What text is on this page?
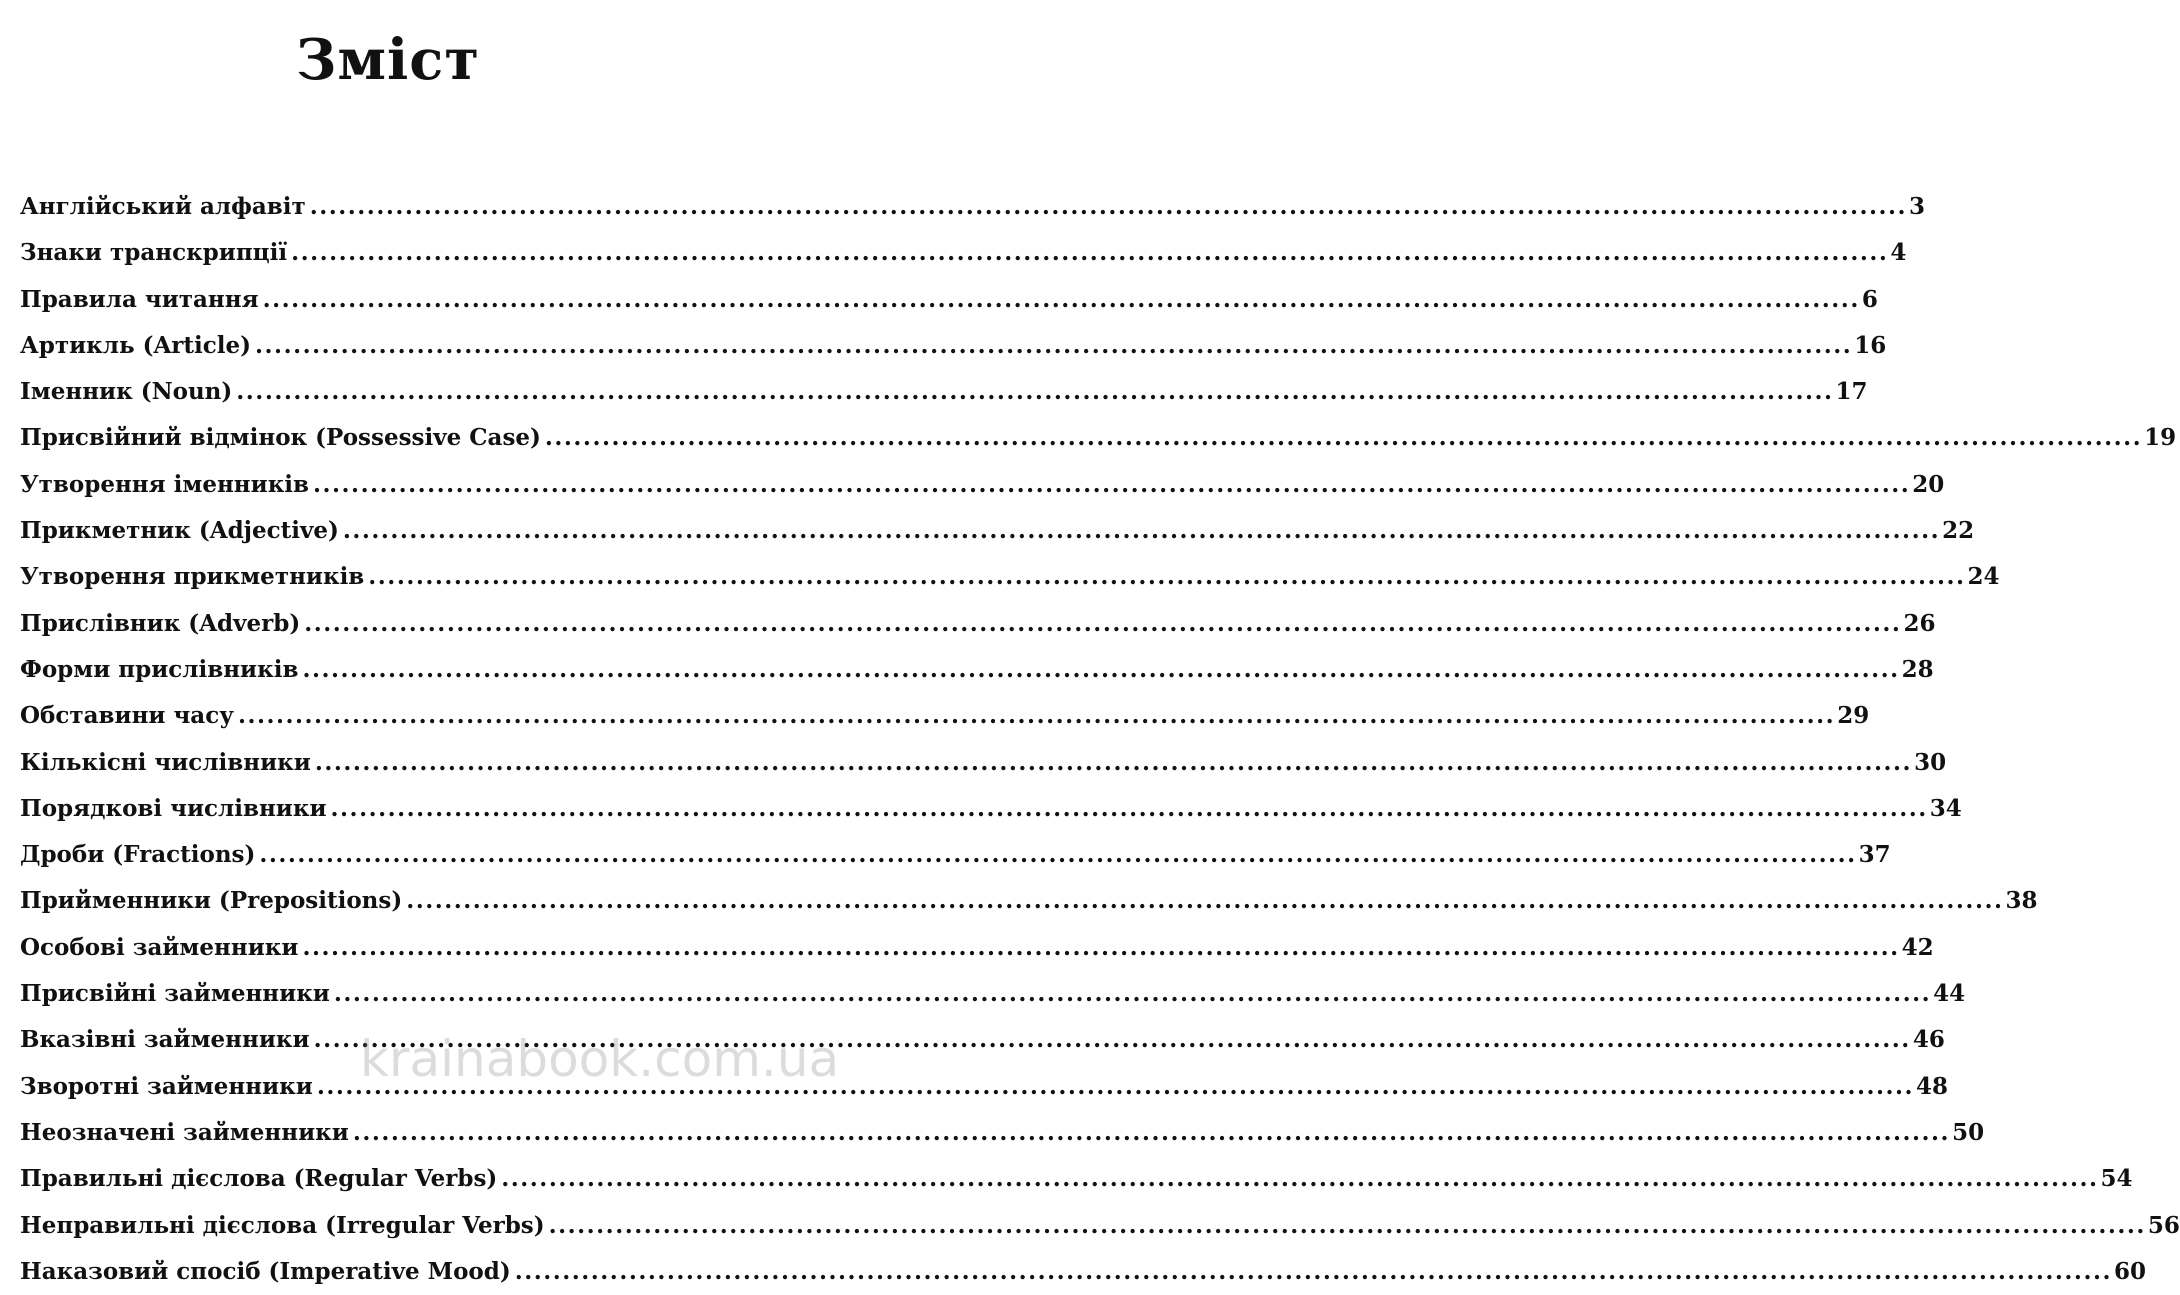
Зміст
Англійський алфавіт .....	3
Знаки транскрипції .....	4
Правила читання .....	6
Артикль (Article) .....	16
Іменник (Noun) .....	17
Присвійний відмінок (Possessive Case) .....	19
Утворення іменників .....	20
Прикметник (Adjective) .....	22
Утворення прикметників .....	24
Прислівник (Adverb) .....	26
Форми прислівників .....	28
Обставини часу .....	29
Кількісні числівники .....	30
Порядкові числівники .....	34
Дроби (Fractions) .....	37
Прийменники (Prepositions) .....	38
Особові займенники .....	42
Присвійні займенники .....	44
Вказівні займенники .....	46
Зворотні займенники .....	48
Неозначені займенники .....	50
Правильні дієслова (Regular Verbs) .....	54
Неправильні дієслова (Irregular Verbs) .....	56
Наказовий спосіб (Imperative Mood) .....	60
krainabook.com.ua
